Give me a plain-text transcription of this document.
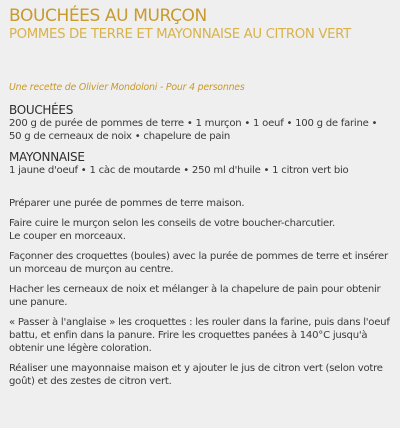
BOUCHÉES AU MURÇON
POMMES DE TERRE ET MAYONNAISE AU CITRON VERT

Une recette de Olivier Mondoloni - Pour 4 personnes

BOUCHÉES

200 g de purée de pommes de terre • 1 murçon • 1 oeuf • 100 g de farine •

50 g de cerneaux de noix • chapelure de pain

MAYONNAISE

1 jaune d'oeuf • 1 càc de moutarde • 250 ml d'huile • 1 citron vert bio

Préparer une purée de pommes de terre maison.

Faire cuire le murçon selon les conseils de votre boucher-charcutier.
Le couper en morceaux.

Façonner des croquettes (boules) avec la purée de pommes de terre et insérer
un morceau de murçon au centre.

Hacher les cerneaux de noix et mélanger à la chapelure de pain pour obtenir
une panure.

« Passer à l'anglaise » les croquettes : les rouler dans la farine, puis dans l'oeuf
battu, et enfin dans la panure. Frire les croquettes panées à 140°C jusqu'à
obtenir une légère coloration.

Réaliser une mayonnaise maison et y ajouter le jus de citron vert (selon votre
goût) et des zestes de citron vert.
